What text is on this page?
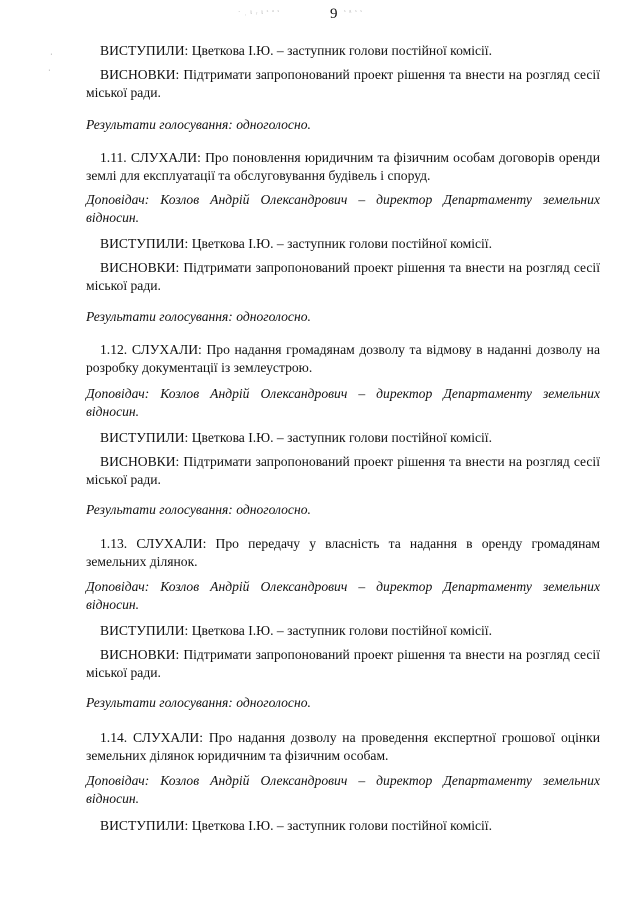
· ˌ ι ᵣ ι ˢ ᵃ ˢ	9 ˢ ᵍ ˢ ˢ
⋅
⋅

ВИСТУПИЛИ: Цветкова І.Ю. – заступник голови постійної комісії.

ВИСНОВКИ: Підтримати запропонований проект рішення та внести на розгляд сесії міської ради.

Результати голосування: одноголосно.

1.11. СЛУХАЛИ: Про поновлення юридичним та фізичним особам договорів оренди землі для експлуатації та обслуговування будівель і споруд.

Доповідач: Козлов Андрій Олександрович – директор Департаменту земельних відносин.

ВИСТУПИЛИ: Цветкова І.Ю. – заступник голови постійної комісії.

ВИСНОВКИ: Підтримати запропонований проект рішення та внести на розгляд сесії міської ради.

Результати голосування: одноголосно.

1.12. СЛУХАЛИ: Про надання громадянам дозволу та відмову в наданні дозволу на розробку документації із землеустрою.

Доповідач: Козлов Андрій Олександрович – директор Департаменту земельних відносин.

ВИСТУПИЛИ: Цветкова І.Ю. – заступник голови постійної комісії.

ВИСНОВКИ: Підтримати запропонований проект рішення та внести на розгляд сесії міської ради.

Результати голосування: одноголосно.

1.13. СЛУХАЛИ: Про передачу у власність та надання в оренду громадянам земельних ділянок.

Доповідач: Козлов Андрій Олександрович – директор Департаменту земельних відносин.

ВИСТУПИЛИ: Цветкова І.Ю. – заступник голови постійної комісії.

ВИСНОВКИ: Підтримати запропонований проект рішення та внести на розгляд сесії міської ради.

Результати голосування: одноголосно.

1.14. СЛУХАЛИ: Про надання дозволу на проведення експертної грошової оцінки земельних ділянок юридичним та фізичним особам.

Доповідач: Козлов Андрій Олександрович – директор Департаменту земельних відносин.

ВИСТУПИЛИ: Цветкова І.Ю. – заступник голови постійної комісії.
